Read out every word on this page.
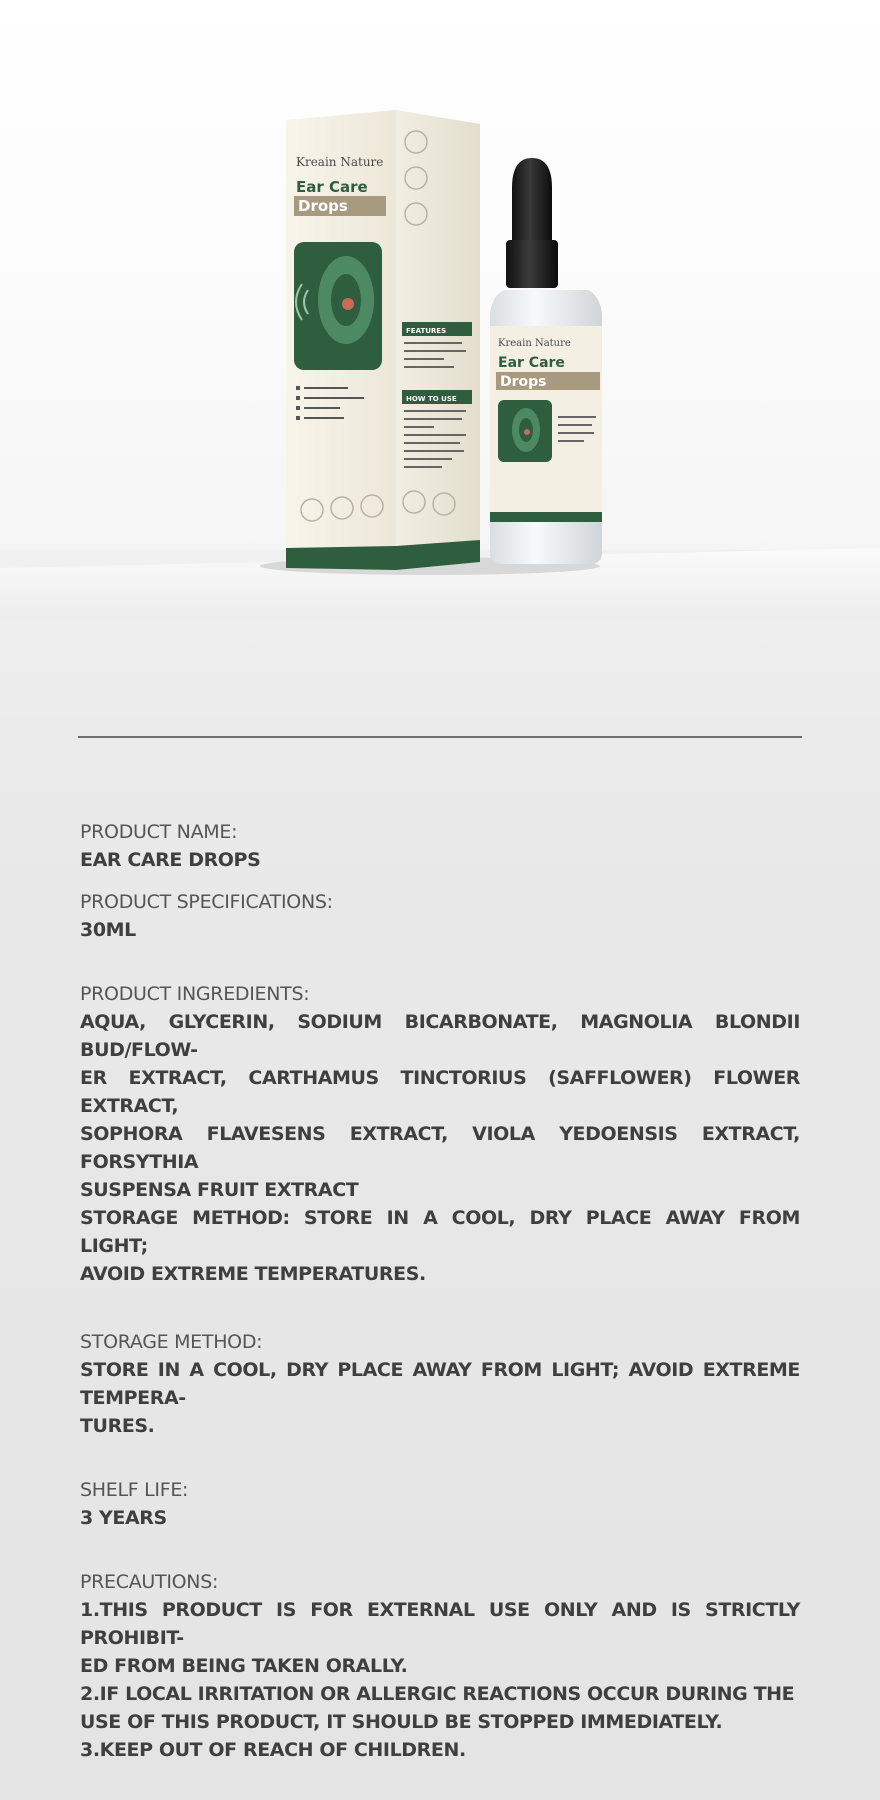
Kreain Nature
Ear Care
Drops
FEATURES
HOW TO USE
Kreain Nature
Ear Care
Drops

PRODUCT NAME:

EAR CARE DROPS

PRODUCT SPECIFICATIONS:

30ML

PRODUCT INGREDIENTS:

AQUA, GLYCERIN, SODIUM BICARBONATE, MAGNOLIA BLONDII BUD/FLOW-

ER EXTRACT, CARTHAMUS TINCTORIUS (SAFFLOWER) FLOWER EXTRACT,

SOPHORA FLAVESENS EXTRACT, VIOLA YEDOENSIS EXTRACT, FORSYTHIA

SUSPENSA FRUIT EXTRACT

STORAGE METHOD: STORE IN A COOL, DRY PLACE AWAY FROM LIGHT;

AVOID EXTREME TEMPERATURES.

STORAGE METHOD:

STORE IN A COOL, DRY PLACE AWAY FROM LIGHT; AVOID EXTREME TEMPERA-

TURES.

SHELF LIFE:

3 YEARS

PRECAUTIONS:

1.THIS PRODUCT IS FOR EXTERNAL USE ONLY AND IS STRICTLY PROHIBIT-

ED FROM BEING TAKEN ORALLY.

2.IF LOCAL IRRITATION OR ALLERGIC REACTIONS OCCUR DURING THE

USE OF THIS PRODUCT, IT SHOULD BE STOPPED IMMEDIATELY.

3.KEEP OUT OF REACH OF CHILDREN.
